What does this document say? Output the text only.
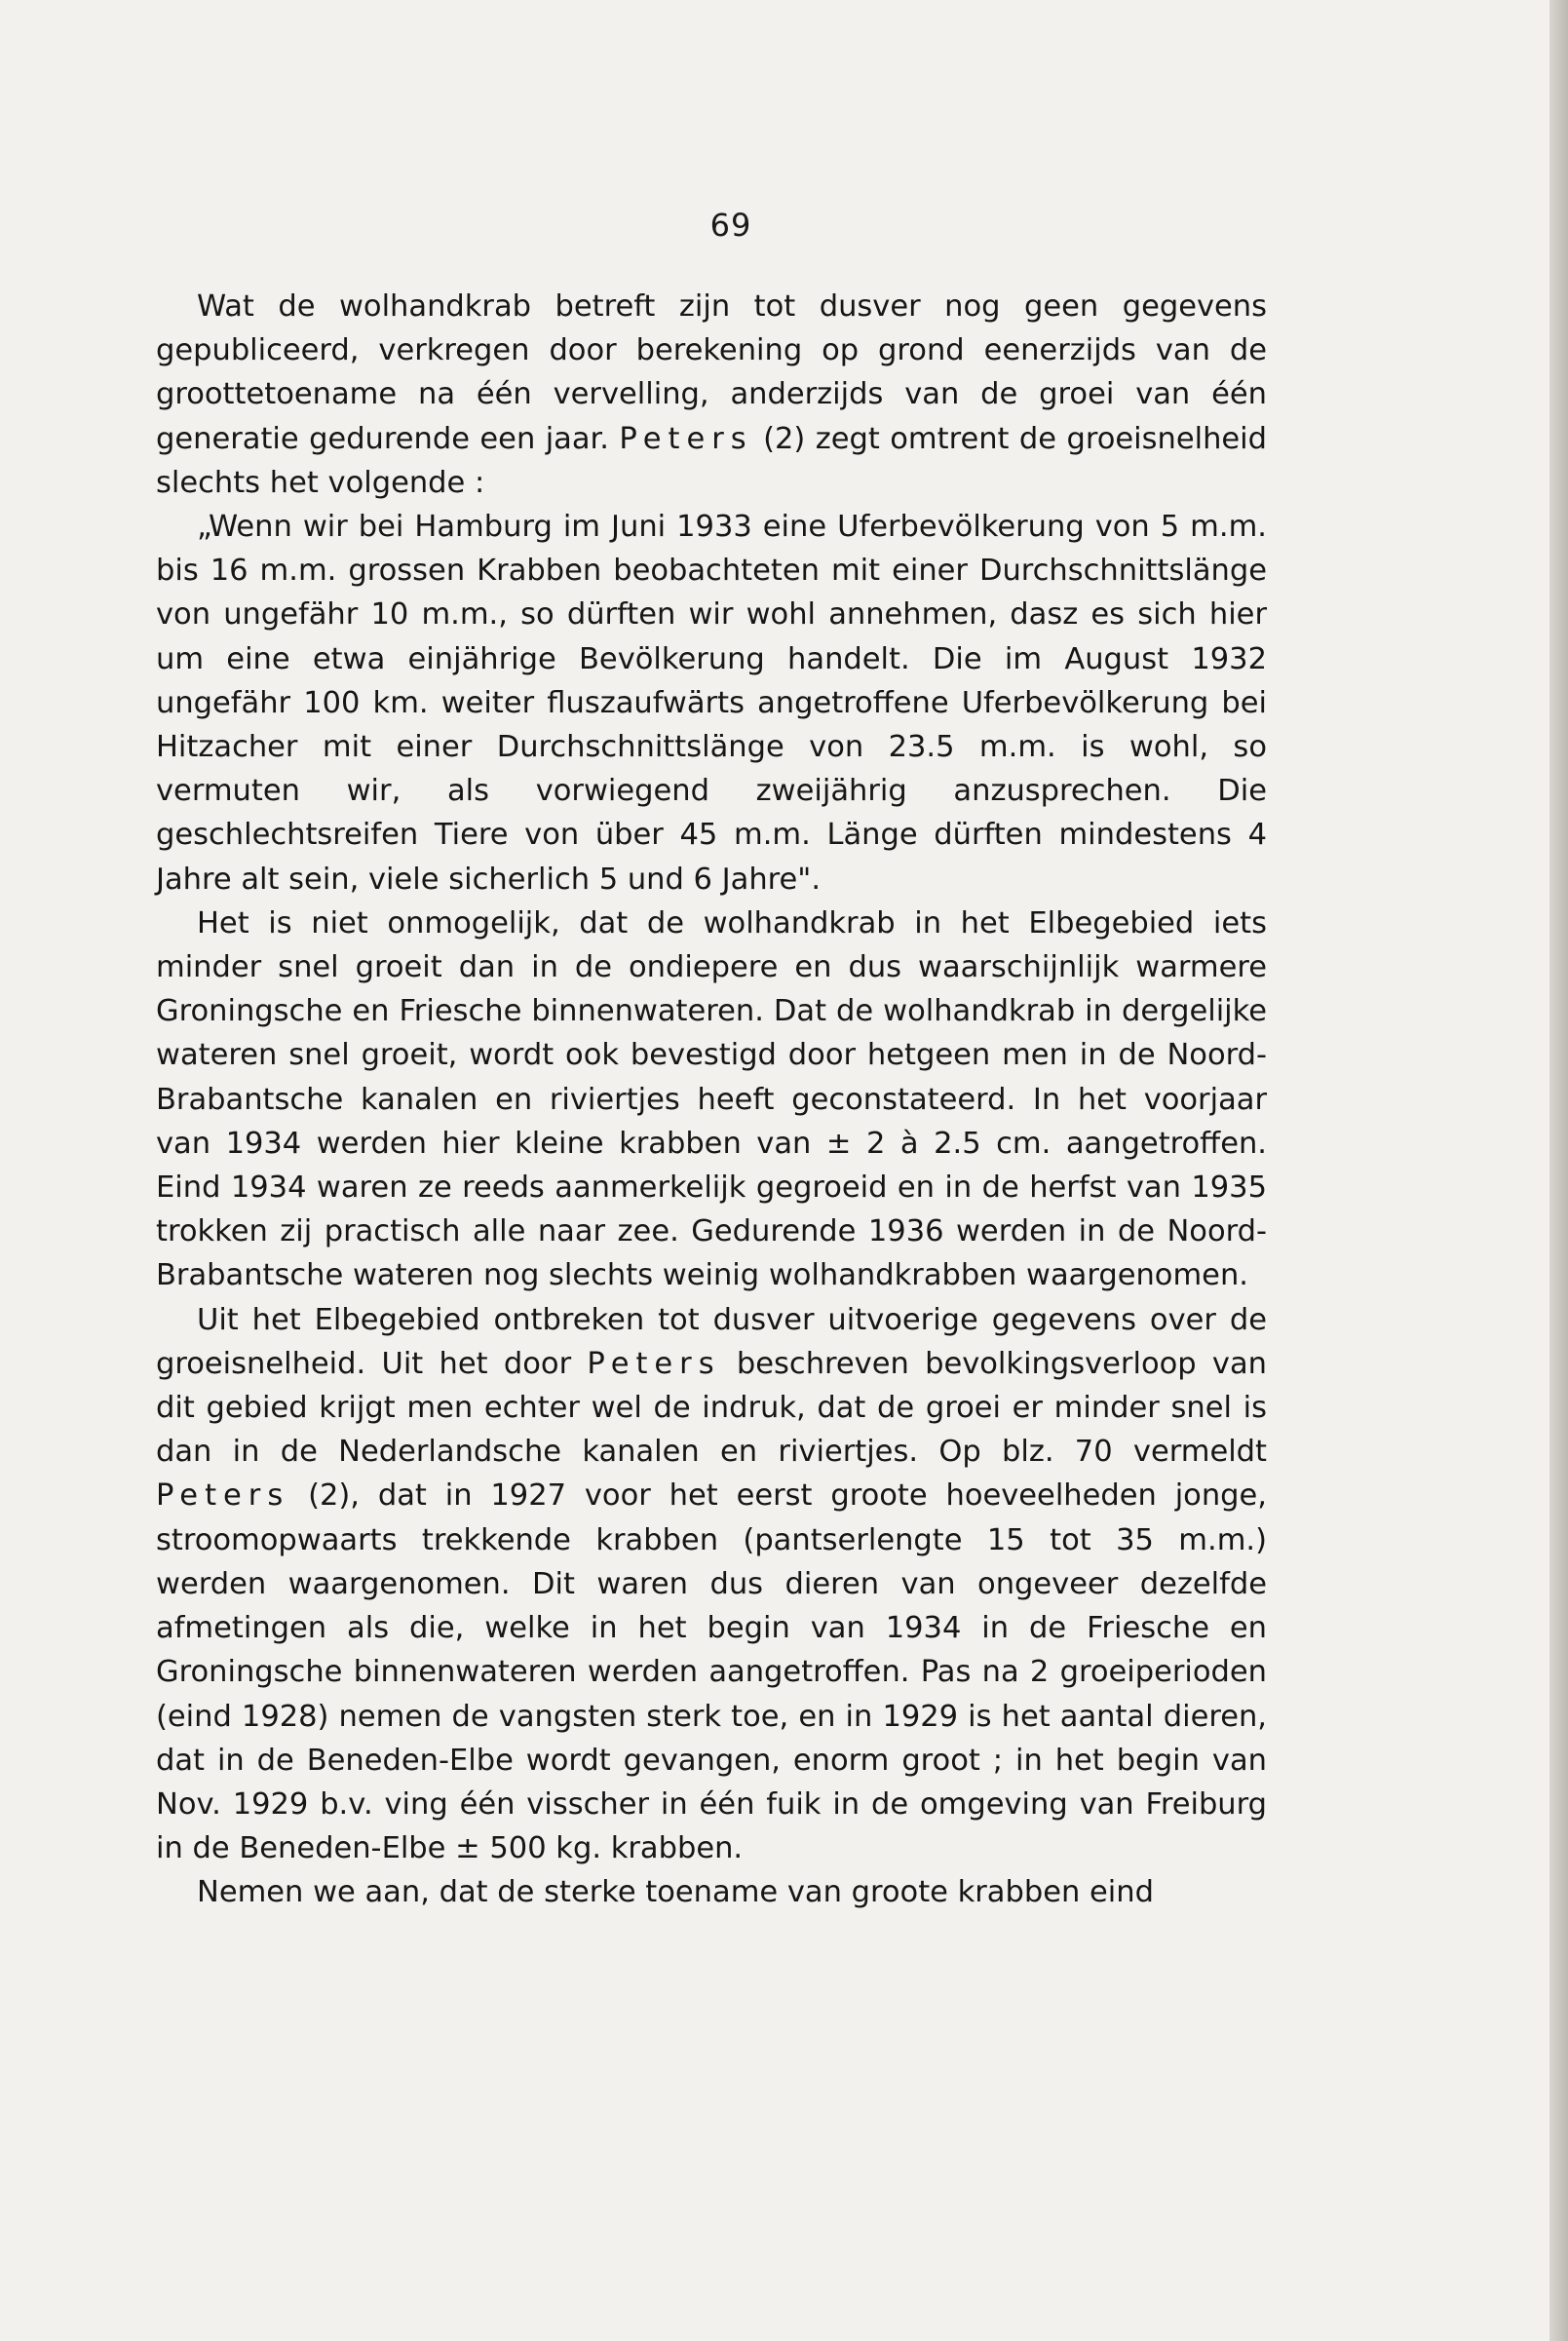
69

Wat de wolhandkrab betreft zijn tot dusver nog geen gegevens gepubliceerd, verkregen door berekening op grond eenerzijds van de groottetoename na één vervelling, anderzijds van de groei van één generatie gedurende een jaar. Peters (2) zegt omtrent de groeisnelheid slechts het volgende :

„Wenn wir bei Hamburg im Juni 1933 eine Uferbevölkerung von 5 m.m. bis 16 m.m. grossen Krabben beobachteten mit einer Durchschnittslänge von ungefähr 10 m.m., so dürften wir wohl annehmen, dasz es sich hier um eine etwa einjährige Bevölkerung handelt. Die im August 1932 ungefähr 100 km. weiter fluszaufwärts angetroffene Uferbevölkerung bei Hitzacher mit einer Durchschnittslänge von 23.5 m.m. is wohl, so vermuten wir, als vorwiegend zweijährig anzusprechen. Die geschlechtsreifen Tiere von über 45 m.m. Länge dürften mindestens 4 Jahre alt sein, viele sicherlich 5 und 6 Jahre".

Het is niet onmogelijk, dat de wolhandkrab in het Elbegebied iets minder snel groeit dan in de ondiepere en dus waarschijnlijk warmere Groningsche en Friesche binnenwateren. Dat de wolhandkrab in dergelijke wateren snel groeit, wordt ook bevestigd door hetgeen men in de Noord-Brabantsche kanalen en riviertjes heeft geconstateerd. In het voorjaar van 1934 werden hier kleine krabben van ± 2 à 2.5 cm. aangetroffen. Eind 1934 waren ze reeds aanmerkelijk gegroeid en in de herfst van 1935 trokken zij practisch alle naar zee. Gedurende 1936 werden in de Noord-Brabantsche wateren nog slechts weinig wolhandkrabben waargenomen.

Uit het Elbegebied ontbreken tot dusver uitvoerige gegevens over de groeisnelheid. Uit het door Peters beschreven bevolkingsverloop van dit gebied krijgt men echter wel de indruk, dat de groei er minder snel is dan in de Nederlandsche kanalen en riviertjes. Op blz. 70 vermeldt Peters (2), dat in 1927 voor het eerst groote hoeveelheden jonge, stroomopwaarts trekkende krabben (pantserlengte 15 tot 35 m.m.) werden waargenomen. Dit waren dus dieren van ongeveer dezelfde afmetingen als die, welke in het begin van 1934 in de Friesche en Groningsche binnenwateren werden aangetroffen. Pas na 2 groeiperioden (eind 1928) nemen de vangsten sterk toe, en in 1929 is het aantal dieren, dat in de Beneden-Elbe wordt gevangen, enorm groot ; in het begin van Nov. 1929 b.v. ving één visscher in één fuik in de omgeving van Freiburg in de Beneden-Elbe ± 500 kg. krabben.

Nemen we aan, dat de sterke toename van groote krabben eind
